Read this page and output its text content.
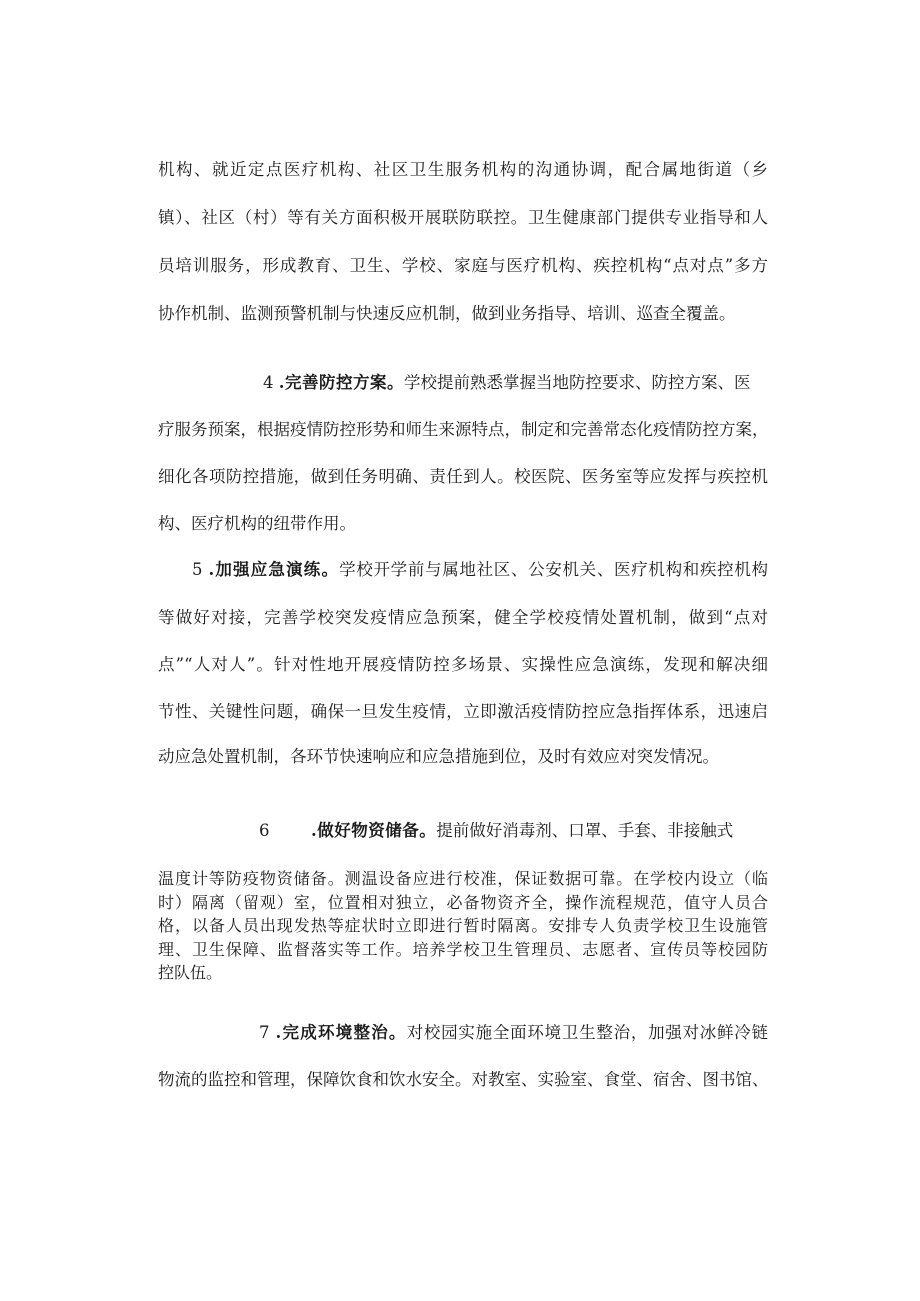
机构、就近定点医疗机构、社区卫生服务机构的沟通协调，配合属地街道（乡
镇）、社区（村）等有关方面积极开展联防联控。卫生健康部门提供专业指导和人
员培训服务，形成教育、卫生、学校、家庭与医疗机构、疾控机构“点对点”多方
协作机制、监测预警机制与快速反应机制，做到业务指导、培训、巡查全覆盖。
4 .完善防控方案。学校提前熟悉掌握当地防控要求、防控方案、医
疗服务预案，根据疫情防控形势和师生来源特点，制定和完善常态化疫情防控方案，
细化各项防控措施，做到任务明确、责任到人。校医院、医务室等应发挥与疾控机
构、医疗机构的纽带作用。
5 .加强应急演练。学校开学前与属地社区、公安机关、医疗机构和疾控机构
等做好对接，完善学校突发疫情应急预案，健全学校疫情处置机制，做到“点对
点”“人对人”。针对性地开展疫情防控多场景、实操性应急演练，发现和解决细
节性、关键性问题，确保一旦发生疫情，立即激活疫情防控应急指挥体系，迅速启
动应急处置机制，各环节快速响应和应急措施到位，及时有效应对突发情况。
6	.做好物资储备。提前做好消毒剂、口罩、手套、非接触式

温度计等防疫物资储备。测温设备应进行校准，保证数据可靠。在学校内设立（临

时）隔离（留观）室，位置相对独立，必备物资齐全，操作流程规范，值守人员合

格，以备人员出现发热等症状时立即进行暂时隔离。安排专人负责学校卫生设施管

理、卫生保障、监督落实等工作。培养学校卫生管理员、志愿者、宣传员等校园防

控队伍。

7 .完成环境整治。对校园实施全面环境卫生整治，加强对冰鲜冷链
物流的监控和管理，保障饮食和饮水安全。对教室、实验室、食堂、宿舍、图书馆、
